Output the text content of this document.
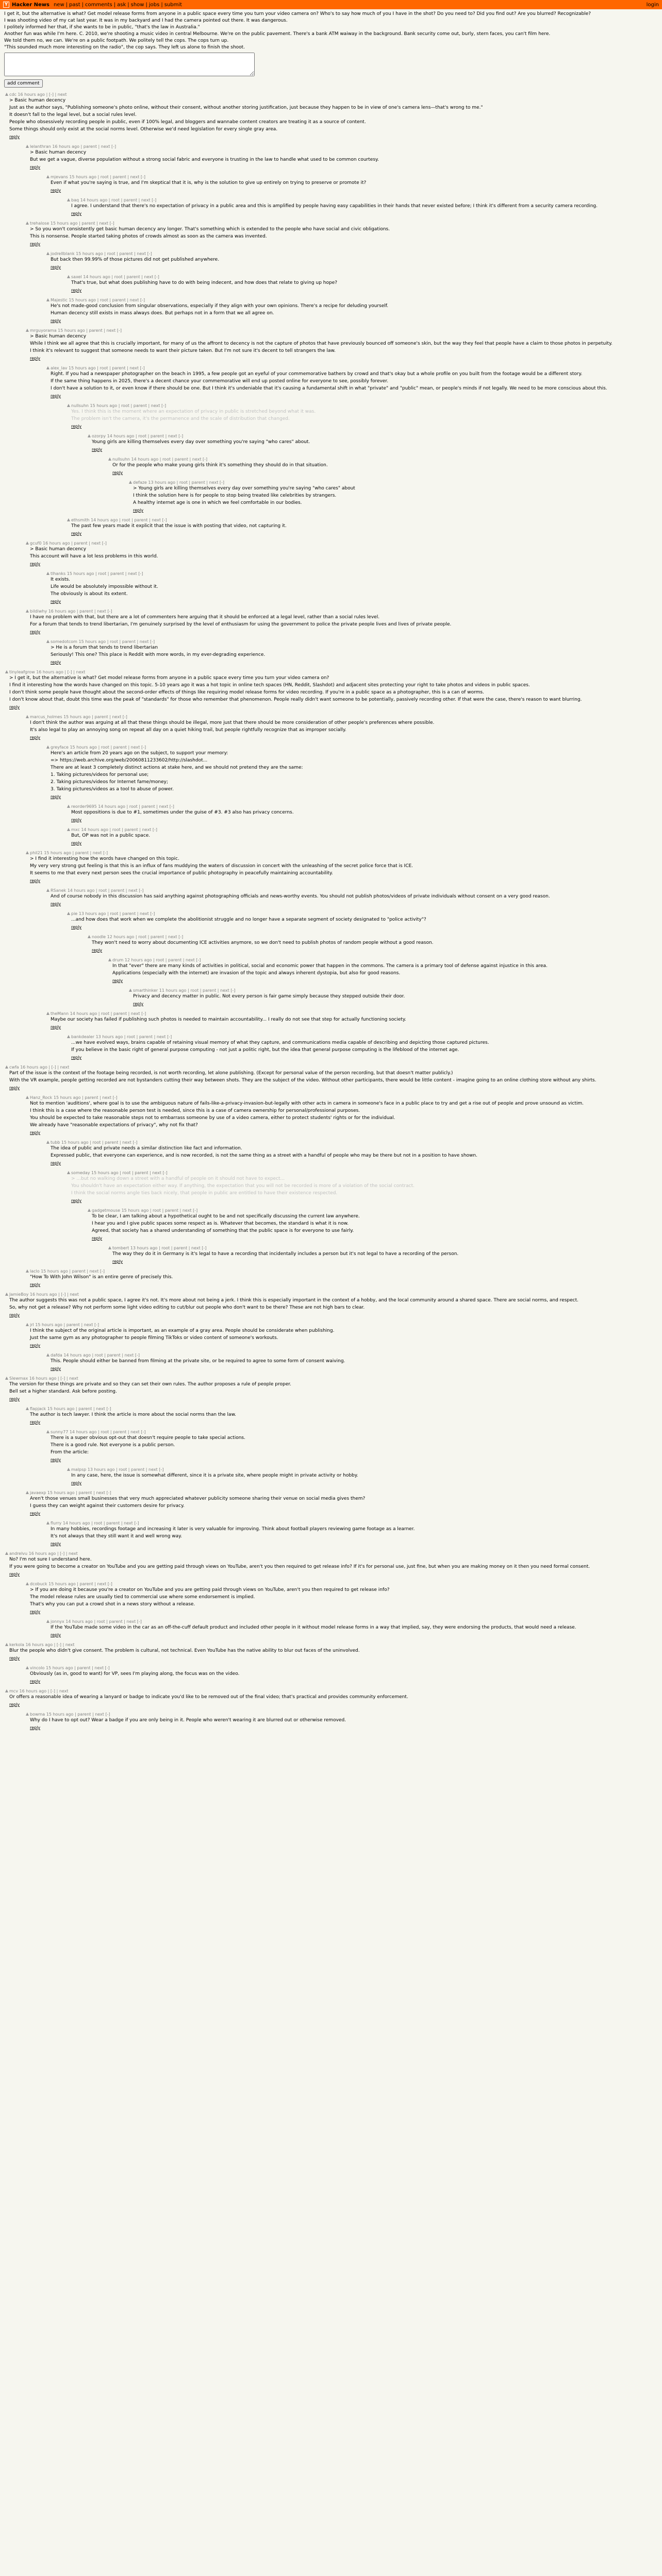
Y Hacker News new | past | comments | ask | show | jobs | submit	login

I get it, but the alternative is what? Get model release forms from anyone in a public space every time you turn your video camera on? Who's to say how much of you I have in the shot? Do you need to? Did you find out? Are you blurred? Recognizable?

I was shooting video of my cat last year. It was in my backyard and I had the camera pointed out there. It was dangerous.

I politely informed her that, if she wants to be in public, "that's the law in Australia."

Another fun was while I'm here. C. 2010, we're shooting a music video in central Melbourne. We're on the public pavement. There's a bank ATM waiway in the background. Bank security come out, burly, stern faces, you can't film here.

We told them no, we can. We're on a public footpath. We politely tell the cops. The cops turn up.

"This sounded much more interesting on the radio", the cop says. They left us alone to finish the shoot.

add comment
▲ cdc 16 hours ago | [-] | next

> Basic human decency

Just as the author says, "Publishing someone's photo online, without their consent, without another storing justification, just because they happen to be in view of one's camera lens—that's wrong to me."

It doesn't fall to the legal level, but a social rules level.

People who obsessively recording people in public, even if 100% legal, and bloggers and wannabe content creators are treating it as a source of content.

Some things should only exist at the social norms level. Otherwise we'd need legislation for every single gray area.

reply
▲ lelanthran 16 hours ago | parent | next [-]

> Basic human decency

But we get a vague, diverse population without a strong social fabric and everyone is trusting in the law to handle what used to be common courtesy.

reply
▲ mjevans 15 hours ago | root | parent | next [-]

Even if what you're saying is true, and I'm skeptical that it is, why is the solution to give up entirely on trying to preserve or promote it?

reply
▲ baq 14 hours ago | root | parent | next [-]

I agree. I understand that there's no expectation of privacy in a public area and this is amplified by people having easy capabilities in their hands that never existed before; I think it's different from a security camera recording.

reply
▲ trehalose 15 hours ago | parent | next [-]

> So you won't consistently get basic human decency any longer. That's something which is extended to the people who have social and civic obligations.

This is nonsense. People started taking photos of crowds almost as soon as the camera was invented.

reply
▲ jodrellblank 15 hours ago | root | parent | next [-]

But back then 99.99% of those pictures did not get published anywhere.

reply
▲ saxel 14 hours ago | root | parent | next [-]

That's true, but what does publishing have to do with being indecent, and how does that relate to giving up hope?

reply
▲ Majestic 15 hours ago | root | parent | next [-]

He's not made-good conclusion from singular observations, especially if they align with your own opinions. There's a recipe for deluding yourself.

Human decency still exists in mass always does. But perhaps not in a form that we all agree on.

reply
▲ mrguyorama 15 hours ago | parent | next [-]

> Basic human decency

While I think we all agree that this is crucially important, for many of us the affront to decency is not the capture of photos that have previously bounced off someone's skin, but the way they feel that people have a claim to those photos in perpetuity.

I think it's relevant to suggest that someone needs to want their picture taken. But I'm not sure it's decent to tell strangers the law.

reply
▲ alex_lav 15 hours ago | root | parent | next [-]

Right. If you had a newspaper photographer on the beach in 1995, a few people got an eyeful of your commemorative bathers by crowd and that's okay but a whole profile on you built from the footage would be a different story.

If the same thing happens in 2025, there's a decent chance your commemorative will end up posted online for everyone to see, possibly forever.

I don't have a solution to it, or even know if there should be one. But I think it's undeniable that it's causing a fundamental shift in what "private" and "public" mean, or people's minds if not legally. We need to be more conscious about this.

reply
▲ nullsuhn 15 hours ago | root | parent | next [-]

Yes. I think this is the moment where an expectation of privacy in public is stretched beyond what it was.

The problem isn't the camera, it's the permanence and the scale of distribution that changed.

reply
▲ ozorpy 14 hours ago | root | parent | next [-]

Young girls are killing themselves every day over something you're saying "who cares" about.

reply
▲ nullsuhn 14 hours ago | root | parent | next [-]

Or for the people who make young girls think it's something they should do in that situation.

reply
▲ defaze 13 hours ago | root | parent | next [-]

> Young girls are killing themselves every day over something you're saying "who cares" about

I think the solution here is for people to stop being treated like celebrities by strangers.

A healthy internet age is one in which we feel comfortable in our bodies.

reply
▲ ethsmith 14 hours ago | root | parent | next [-]

The past few years made it explicit that the issue is with posting that video, not capturing it.

reply
▲ gcuf0 16 hours ago | parent | next [-]

> Basic human decency

This account will have a lot less problems in this world.

reply
▲ tlhanks 15 hours ago | root | parent | next [-]

It exists.

Life would be absolutely impossible without it.

The obviously is about its extent.

reply
▲ bildiwhy 16 hours ago | parent | next [-]

I have no problem with that, but there are a lot of commenters here arguing that it should be enforced at a legal level, rather than a social rules level.

For a forum that tends to trend libertarian, I'm genuinely surprised by the level of enthusiasm for using the government to police the private people lives and lives of private people.

reply
▲ somedotcom 15 hours ago | root | parent | next [-]

> He is a forum that tends to trend libertarian

Seriously! This one? This place is Reddit with more words, in my ever-degrading experience.

reply
▲ tinyleafgrow 16 hours ago | [-] | next

> I get it, but the alternative is what? Get model release forms from anyone in a public space every time you turn your video camera on?

I find it interesting how the words have changed on this topic. 5-10 years ago it was a hot topic in online tech spaces (HN, Reddit, Slashdot) and adjacent sites protecting your right to take photos and videos in public spaces.

I don't think some people have thought about the second-order effects of things like requiring model release forms for video recording. If you're in a public space as a photographer, this is a can of worms.

I don't know about that, doubt this time was the peak of "standards" for those who remember that phenomenon. People really didn't want someone to be potentially, passively recording other. If that were the case, there's reason to want blurring.

reply
▲ marcus_holmes 15 hours ago | parent | next [-]

I don't think the author was arguing at all that these things should be illegal, more just that there should be more consideration of other people's preferences where possible.

It's also legal to play an annoying song on repeat all day on a quiet hiking trail, but people rightfully recognize that as improper socially.

reply
▲ greyface 15 hours ago | root | parent | next [-]

Here's an article from 20 years ago on the subject, to support your memory:

=> https://web.archive.org/web/20060811233602/http://slashdot...

There are at least 3 completely distinct actions at stake here, and we should not pretend they are the same:

1. Taking pictures/videos for personal use;

2. Taking pictures/videos for Internet fame/money;

3. Taking pictures/videos as a tool to abuse of power.

reply
▲ reorder9695 14 hours ago | root | parent | next [-]

Most oppositions is due to #1, sometimes under the guise of #3. #3 also has privacy concerns.

reply
▲ mxc 14 hours ago | root | parent | next [-]

But, OP was not in a public space.

reply
▲ phil21 15 hours ago | parent | next [-]

> I find it interesting how the words have changed on this topic.

My very very strong gut feeling is that this is an influx of fans muddying the waters of discussion in concert with the unleashing of the secret police force that is ICE.

It seems to me that every next person sees the crucial importance of public photography in peacefully maintaining accountability.

reply
▲ RSanek 14 hours ago | root | parent | next [-]

And of course nobody in this discussion has said anything against photographing officials and news-worthy events. You should not publish photos/videos of private individuals without consent on a very good reason.

reply
▲ pie 13 hours ago | root | parent | next [-]

...and how does that work when we complete the abolitionist struggle and no longer have a separate segment of society designated to "police activity"?

reply
▲ noodle 12 hours ago | root | parent | next [-]

They won't need to worry about documenting ICE activities anymore, so we don't need to publish photos of random people without a good reason.

reply
▲ drum 12 hours ago | root | parent | next [-]

In that "ever" there are many kinds of activities in political, social and economic power that happen in the commons. The camera is a primary tool of defense against injustice in this area.

Applications (especially with the internet) are invasion of the topic and always inherent dystopia, but also for good reasons.

reply
▲ smarthinker 11 hours ago | root | parent | next [-]

Privacy and decency matter in public. Not every person is fair game simply because they stepped outside their door.

reply
▲ theMann 14 hours ago | root | parent | next [-]

Maybe our society has failed if publishing such photos is needed to maintain accountability... I really do not see that step for actually functioning society.

reply
▲ bankdealer 13 hours ago | root | parent | next [-]

...we have evolved ways, brains capable of retaining visual memory of what they capture, and communications media capable of describing and depicting those captured pictures.

If you believe in the basic right of general purpose computing - not just a politic right, but the idea that general purpose computing is the lifeblood of the internet age.

reply
▲ cwfa 16 hours ago | [-] | next

Part of the issue is the context of the footage being recorded, is not worth recording, let alone publishing. (Except for personal value of the person recording, but that doesn't matter publicly.)

With the VR example, people getting recorded are not bystanders cutting their way between shots. They are the subject of the video. Without other participants, there would be little content - imagine going to an online clothing store without any shirts.

reply
▲ Hanz_Rock 15 hours ago | parent | next [-]

Not to mention 'auditions', where goal is to use the ambiguous nature of fails-like-a-privacy-invasion-but-legally with other acts in camera in someone's face in a public place to try and get a rise out of people and prove unsound as victim.

I think this is a case where the reasonable person test is needed, since this is a case of camera ownership for personal/professional purposes.

You should be expected to take reasonable steps not to embarrass someone by use of a video camera, either to protect students' rights or for the individual.

We already have "reasonable expectations of privacy", why not fix that?

reply
▲ tubb 15 hours ago | root | parent | next [-]

The idea of public and private needs a similar distinction like fact and information.

Expressed public, that everyone can experience, and is now recorded, is not the same thing as a street with a handful of people who may be there but not in a position to have shown.

reply
▲ someday 15 hours ago | root | parent | next [-]

> ...but no walking down a street with a handful of people on it should not have to expect...

You shouldn't have an expectation either way. If anything, the expectation that you will not be recorded is more of a violation of the social contract.

I think the social norms angle ties back nicely, that people in public are entitled to have their existence respected.

reply
▲ gadgetmouse 15 hours ago | root | parent | next [-]

To be clear, I am talking about a hypothetical ought to be and not specifically discussing the current law anywhere.

I hear you and I give public spaces some respect as is. Whatever that becomes, the standard is what it is now.

Agreed, that society has a shared understanding of something that the public space is for everyone to use fairly.

reply
▲ tombert 13 hours ago | root | parent | next [-]

The way they do it in Germany is it's legal to have a recording that incidentally includes a person but it's not legal to have a recording of the person.

reply
▲ laclo 15 hours ago | parent | next [-]

"How To With John Wilson" is an entire genre of precisely this.

reply
▲ JamieBoy 16 hours ago | [-] | next

The author suggests this was not a public space, I agree it's not. It's more about not being a jerk. I think this is especially important in the context of a hobby, and the local community around a shared space. There are social norms, and respect.

So, why not get a release? Why not perform some light video editing to cut/blur out people who don't want to be there? These are not high bars to clear.

reply
▲ jrl 15 hours ago | parent | next [-]

I think the subject of the original article is important, as an example of a gray area. People should be considerate when publishing.

Just the same gym as any photographer to people filming TikToks or video content of someone's workouts.

reply
▲ dafda 14 hours ago | root | parent | next [-]

This. People should either be banned from filming at the private site, or be required to agree to some form of consent waiving.

reply
▲ Slewmax 16 hours ago | [-] | next

The version for these things are private and so they can set their own rules. The author proposes a rule of people proper.

Bell set a higher standard. Ask before posting.

reply
▲ flapjack 15 hours ago | parent | next [-]

The author is tech lawyer. I think the article is more about the social norms than the law.

reply
▲ sunny77 14 hours ago | root | parent | next [-]

There is a super obvious opt-out that doesn't require people to take special actions.

There is a good rule. Not everyone is a public person.

From the article:

reply
▲ malpsp 13 hours ago | root | parent | next [-]

In any case, here, the issue is somewhat different, since it is a private site, where people might in private activity or hobby.

reply
▲ javaexp 15 hours ago | parent | next [-]

Aren't those venues small businesses that very much appreciated whatever publicity someone sharing their venue on social media gives them?

I guess they can weight against their customers desire for privacy.

reply
▲ flurry 14 hours ago | root | parent | next [-]

In many hobbies, recordings footage and increasing it later is very valuable for improving. Think about football players reviewing game footage as a learner.

It's not always that they still want it and well wrong way.

reply
▲ andrelvu 16 hours ago | [-] | next

No? I'm not sure I understand here.

If you were going to become a creator on YouTube and you are getting paid through views on YouTube, aren't you then required to get release info? If it's for personal use, just fine, but when you are making money on it then you need formal consent.

reply
▲ dcobuck 15 hours ago | parent | next [-]

> If you are doing it because you're a creator on YouTube and you are getting paid through views on YouTube, aren't you then required to get release info?

The model release rules are usually tied to commercial use where some endorsement is implied.

That's why you can put a crowd shot in a news story without a release.

reply
▲ jonnyx 14 hours ago | root | parent | next [-]

If the YouTube made some video in the car as an off-the-cuff default product and included other people in it without model release forms in a way that implied, say, they were endorsing the products, that would need a release.

reply
▲ kerkola 16 hours ago | [-] | next

Blur the people who didn't give consent. The problem is cultural, not technical. Even YouTube has the native ability to blur out faces of the uninvolved.

reply
▲ vincolo 15 hours ago | parent | next [-]

Obviously (as in, good to want) for VP, sees I'm playing along, the focus was on the video.

reply
▲ mcv 16 hours ago | [-] | next

Or offers a reasonable idea of wearing a lanyard or badge to indicate you'd like to be removed out of the final video; that's practical and provides community enforcement.

reply
▲ bowma 15 hours ago | parent | next [-]

Why do I have to opt out? Wear a badge if you are only being in it. People who weren't wearing it are blurred out or otherwise removed.

reply
